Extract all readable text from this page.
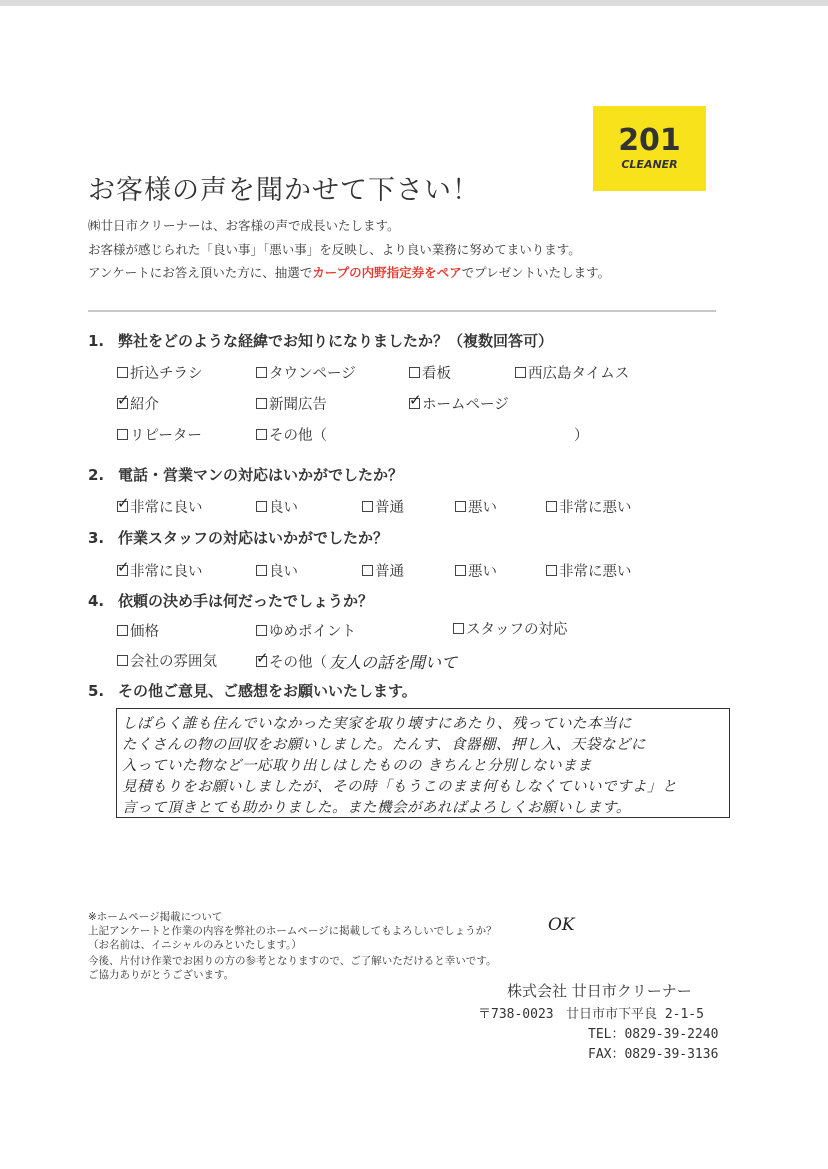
201
CLEANER
お客様の声を聞かせて下さい！
㈱廿日市クリーナーは、お客様の声で成長いたします。
お客様が感じられた「良い事」「悪い事」を反映し、より良い業務に努めてまいります。
アンケートにお答え頂いた方に、抽選でカープの内野指定券をペアでプレゼントいたします。
1. 弊社をどのような経緯でお知りになりましたか？（複数回答可）
折込チラシ	タウンページ	看板	西広島タイムス
✓ 紹介	新聞広告	✓ ホームページ
リピーター	その他（	）
2. 電話・営業マンの対応はいかがでしたか？
✓ 非常に良い	良い	普通	悪い	非常に悪い
3. 作業スタッフの対応はいかがでしたか？
✓ 非常に良い	良い	普通	悪い	非常に悪い
4. 依頼の決め手は何だったでしょうか？
価格	ゆめポイント	スタッフの対応
会社の雰囲気	✓ その他（ 友人の話を聞いて
5. その他ご意見、ご感想をお願いいたします。
しばらく誰も住んでいなかった実家を取り壊すにあたり、残っていた本当に
たくさんの物の回収をお願いしました。たんす、食器棚、押し入、天袋などに
入っていた物など一応取り出しはしたものの きちんと分別しないまま
見積もりをお願いしましたが、その時「もうこのまま何もしなくていいですよ」と
言って頂きとても助かりました。また機会があればよろしくお願いします。
※ホームページ掲載について
上記アンケートと作業の内容を弊社のホームページに掲載してもよろしいでしょうか？	OK
（お名前は、イニシャルのみといたします。）
今後、片付け作業でお困りの方の参考となりますので、ご了解いただけると幸いです。
ご協力ありがとうございます。
株式会社 廿日市クリーナー
〒738-0023 廿日市市下平良 2-1-5
TEL：0829-39-2240
FAX：0829-39-3136
